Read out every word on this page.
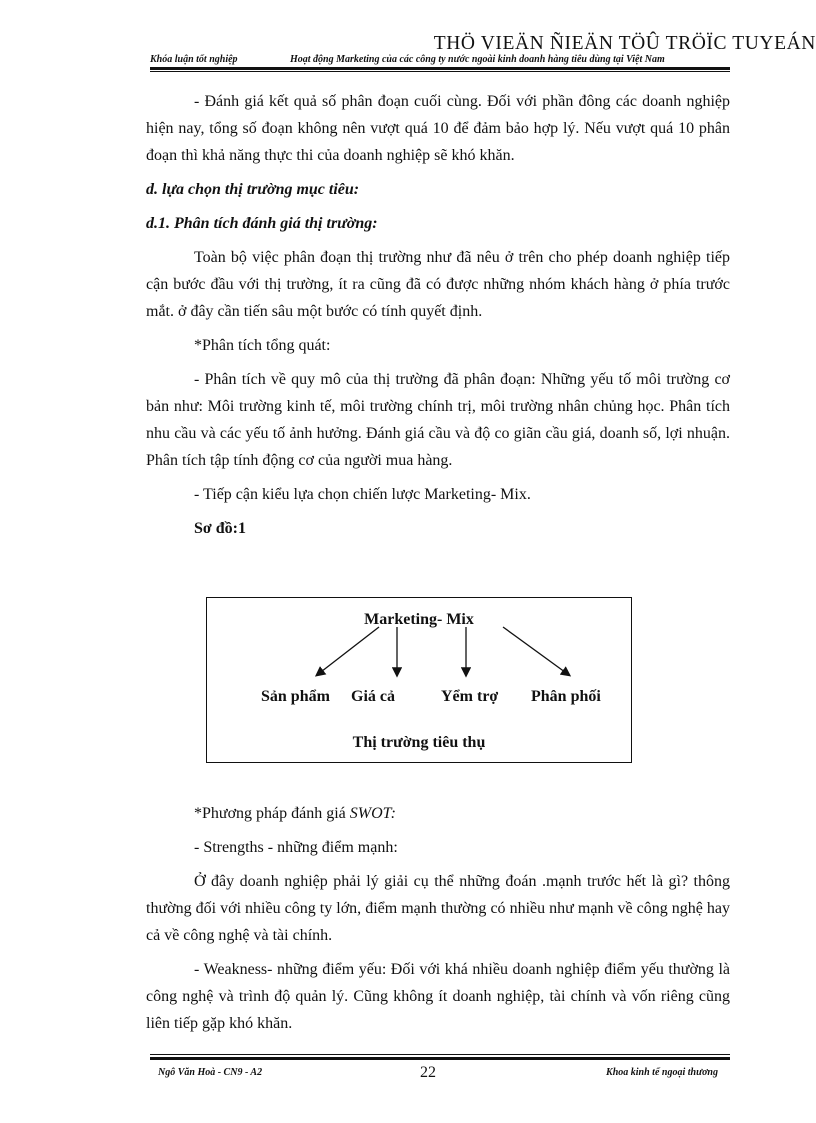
THÖ VIEÄN ÑIEÄN TÖÛ TRÖÏC TUYEÁN
Khóa luận tốt nghiệp	Hoạt động Marketing của các công ty nước ngoài kinh doanh hàng tiêu dùng tại Việt Nam

- Đánh giá kết quả số phân đoạn cuối cùng. Đối với phần đông các doanh nghiệp hiện nay, tổng số đoạn không nên vượt quá 10 để đảm bảo hợp lý. Nếu vượt quá 10 phân đoạn thì khả năng thực thi của doanh nghiệp sẽ khó khăn.

d. lựa chọn thị trường mục tiêu:

d.1. Phân tích đánh giá thị trường:

Toàn bộ việc phân đoạn thị trường như đã nêu ở trên cho phép doanh nghiệp tiếp cận bước đầu với thị trường, ít ra cũng đã có được những nhóm khách hàng ở phía trước mắt. ở đây cần tiến sâu một bước có tính quyết định.

*Phân tích tổng quát:

- Phân tích về quy mô của thị trường đã phân đoạn: Những yếu tố môi trường cơ bản như: Môi trường kinh tế, môi trường chính trị, môi trường nhân chủng học. Phân tích nhu cầu và các yếu tố ảnh hưởng. Đánh giá cầu và độ co giãn cầu giá, doanh số, lợi nhuận. Phân tích tập tính động cơ của người mua hàng.

- Tiếp cận kiểu lựa chọn chiến lược Marketing- Mix.

Sơ đồ:1

Marketing- Mix
Sản phẩm Giá cả	Yểm trợ Phân phối
Thị trường tiêu thụ

*Phương pháp đánh giá SWOT:

- Strengths - những điểm mạnh:

Ở đây doanh nghiệp phải lý giải cụ thể những đoán .mạnh trước hết là gì? thông thường đối với nhiều công ty lớn, điểm mạnh thường có nhiều như mạnh về công nghệ hay cả về công nghệ và tài chính.

- Weakness- những điểm yếu: Đối với khá nhiều doanh nghiệp điểm yếu thường là công nghệ và trình độ quản lý. Cũng không ít doanh nghiệp, tài chính và vốn riêng cũng liên tiếp gặp khó khăn.

Ngô Văn Hoà - CN9 - A2	22	Khoa kinh tế ngoại thương
